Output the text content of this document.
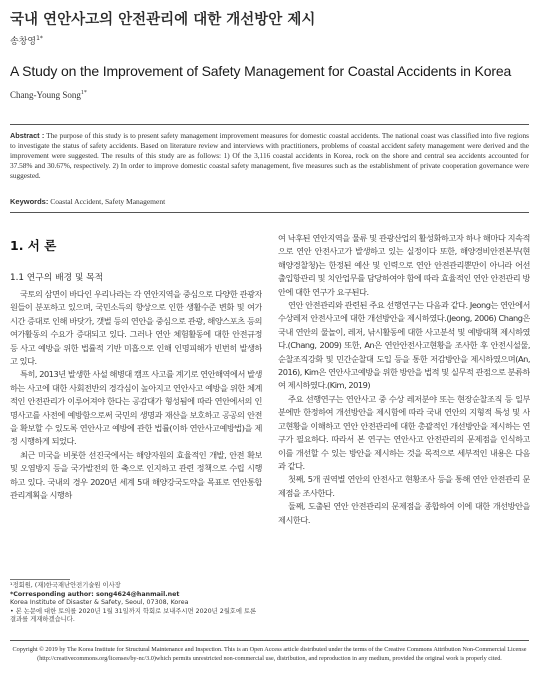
국내 연안사고의 안전관리에 대한 개선방안 제시
송창영$^{1*}$
A Study on the Improvement of Safety Management for Coastal Accidents in Korea
Chang-Young Song$^{1*}$
Abstract : The purpose of this study is to present safety management improvement measures for domestic coastal accidents. The national coast was classified into five regions to investigate the status of safety accidents. Based on literature review and interviews with practitioners, problems of coastal accident safety management were derived and the improvement were suggested. The results of this study are as follows: 1) Of the 3,116 coastal accidents in Korea, rock on the shore and central sea accidents accounted for 37.58% and 30.67%, respectively. 2) In order to improve domestic coastal safety management, five measures such as the establishment of private cooperation governance were suggested.
Keywords: Coastal Accident, Safety Management
1. 서 론
1.1 연구의 배경 및 목적

국토의 삼면이 바다인 우리나라는 각 연안지역을 중심으로 다양한 관광자원들이 분포하고 있으며, 국민소득의 향상으로 인한 생활수준 변화 및 여가시간 증대로 인해 바닷가, 갯벌 등의 연안을 중심으로 관광, 해양스포츠 등의 여가활동의 수요가 증대되고 있다. 그러나 연안 체험활동에 대한 안전규정 등 사고 예방을 위한 법률적 기반 미흡으로 인해 인명피해가 빈번히 발생하고 있다.

특히, 2013년 발생한 사설 해병대 캠프 사고를 계기로 연안해역에서 발생하는 사고에 대한 사회전반의 경각심이 높아지고 연안사고 예방을 위한 체계적인 안전관리가 이루어져야 한다는 공감대가 형성됨에 따라 연안에서의 인명사고를 사전에 예방함으로써 국민의 생명과 재산을 보호하고 공공의 안전을 확보할 수 있도록 연안사고 예방에 관한 법률(이하 연안사고예방법)을 제정 시행하게 되었다.

최근 미국을 비롯한 선진국에서는 해양자원의 효율적인 개발, 안전 확보 및 오염방지 등을 국가발전의 한 축으로 인지하고 관련 정책으로 수립 시행하고 있다. 국내의 경우 2020년 세계 5대 해양강국도약을 목표로 연안통합관리계획을 시행하

¹정회원, (재)한국재난안전기술원 이사장

*Corresponding author: song4624@hanmail.net

Korea Institute of Disaster & Safety, Seoul, 07308, Korea

• 본 논문에 대한 토의를 2020년 1월 31일까지 학회로 보내주시면 2020년 2월호에 토론결과를 게재하겠습니다.

여 낙후된 연안지역을 물류 및 관광산업의 활성화하고자 하나 해마다 지속적으로 연안 안전사고가 발생하고 있는 실정이다 또한, 해양경비안전본부(현 해양경찰청)는 한정된 예산 및 인력으로 연안 안전관리뿐만이 아니라 어선 출입항관리 및 치안업무를 담당하여야 함에 따라 효율적인 연안 안전관리 방안에 대한 연구가 요구된다.

연안 안전관리와 관련된 주요 선행연구는 다음과 같다. Jeong는 연안에서 수상레저 안전사고에 대한 개선방안을 제시하였다.(Jeong, 2006) Chang은 국내 연안의 물놀이, 레저, 낚시활동에 대한 사고분석 및 예방대책 제시하였다.(Chang, 2009) 또한, An은 연안안전사고현황을 조사한 후 안전시설물, 순찰조직강화 및 민간순찰대 도입 등을 통한 저감방안을 제시하였으며(An, 2016), Kim은 연안사고예방을 위한 방안을 법적 및 실무적 관점으로 분류하여 제시하였다.(Kim, 2019)

주요 선행연구는 연안사고 중 수상 레저분야 또는 현장순찰조직 등 일부분에만 한정하여 개선방안을 제시함에 따라 국내 연안의 지형적 특성 및 사고현황을 이해하고 연안 안전관리에 대한 총괄적인 개선방안을 제시하는 연구가 필요하다. 따라서 본 연구는 연안사고 안전관리의 문제점을 인식하고 이를 개선할 수 있는 방안을 제시하는 것을 목적으로 세부적인 내용은 다음과 같다.

첫째, 5개 권역별 연안의 안전사고 현황조사 등을 통해 연안 안전관리 문제점을 조사한다.

둘째, 도출된 연안 안전관리의 문제점을 종합하여 이에 대한 개선방안을 제시한다.

Copyright © 2019 by The Korea Institute for Structural Maintenance and Inspection. This is an Open Access article distributed under the terms of the Creative Commons Attribution Non-Commercial License (http://creativecommons.org/licenses/by-nc/3.0)which permits unrestricted non-commercial use, distribution, and reproduction in any medium, provided the original work is properly cited.
